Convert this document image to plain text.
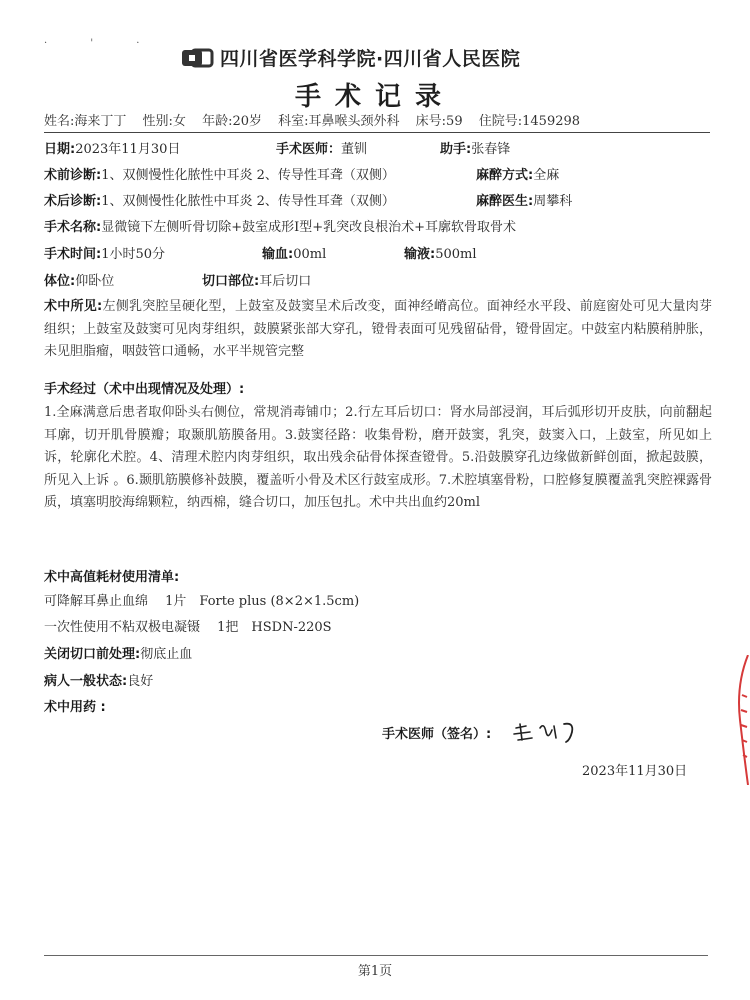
· ' ·
四川省医学科学院·四川省人民医院
手术记录
姓名:海来丁丁 性别:女 年龄:20岁 科室:耳鼻喉头颈外科 床号:59 住院号:1459298
日期:2023年11月30日	手术医师：董钏	助手:张春锋
术前诊断:1、双侧慢性化脓性中耳炎 2、传导性耳聋（双侧）	麻醉方式:全麻
术后诊断:1、双侧慢性化脓性中耳炎 2、传导性耳聋（双侧）	麻醉医生:周攀科
手术名称:显微镜下左侧听骨切除+鼓室成形Ⅰ型+乳突改良根治术+耳廓软骨取骨术
手术时间:1小时50分	输血:00ml	输液:500ml
体位:仰卧位	切口部位:耳后切口
术中所见:左侧乳突腔呈硬化型，上鼓室及鼓窦呈术后改变，面神经嵴高位。面神经水平段、前庭窗处可见大量肉芽组织；上鼓室及鼓窦可见肉芽组织，鼓膜紧张部大穿孔，镫骨表面可见残留砧骨，镫骨固定。中鼓室内粘膜稍肿胀，未见胆脂瘤，咽鼓管口通畅，水平半规管完整
手术经过（术中出现情况及处理）:
1.全麻满意后患者取仰卧头右侧位，常规消毒铺巾；2.行左耳后切口：肾水局部浸润，耳后弧形切开皮肤，向前翻起耳廓，切开肌骨膜瓣；取颞肌筋膜备用。3.鼓窦径路：收集骨粉，磨开鼓窦，乳突，鼓窦入口，上鼓室，所见如上诉，轮廓化术腔。4、清理术腔内肉芽组织，取出残余砧骨体探查镫骨。5.沿鼓膜穿孔边缘做新鲜创面，掀起鼓膜，所见入上诉 。6.颞肌筋膜修补鼓膜，覆盖听小骨及术区行鼓室成形。7.术腔填塞骨粉，口腔修复膜覆盖乳突腔裸露骨质，填塞明胶海绵颗粒，纳西棉，缝合切口，加压包扎。术中共出血约20ml
术中高值耗材使用清单:
可降解耳鼻止血绵 　1片　Forte plus (8×2×1.5cm)
一次性使用不粘双极电凝镊　 1把　HSDN-220S
关闭切口前处理:彻底止血
病人一般状态:良好
术中用药 :
手术医师（签名）:
2023年11月30日
第1页
